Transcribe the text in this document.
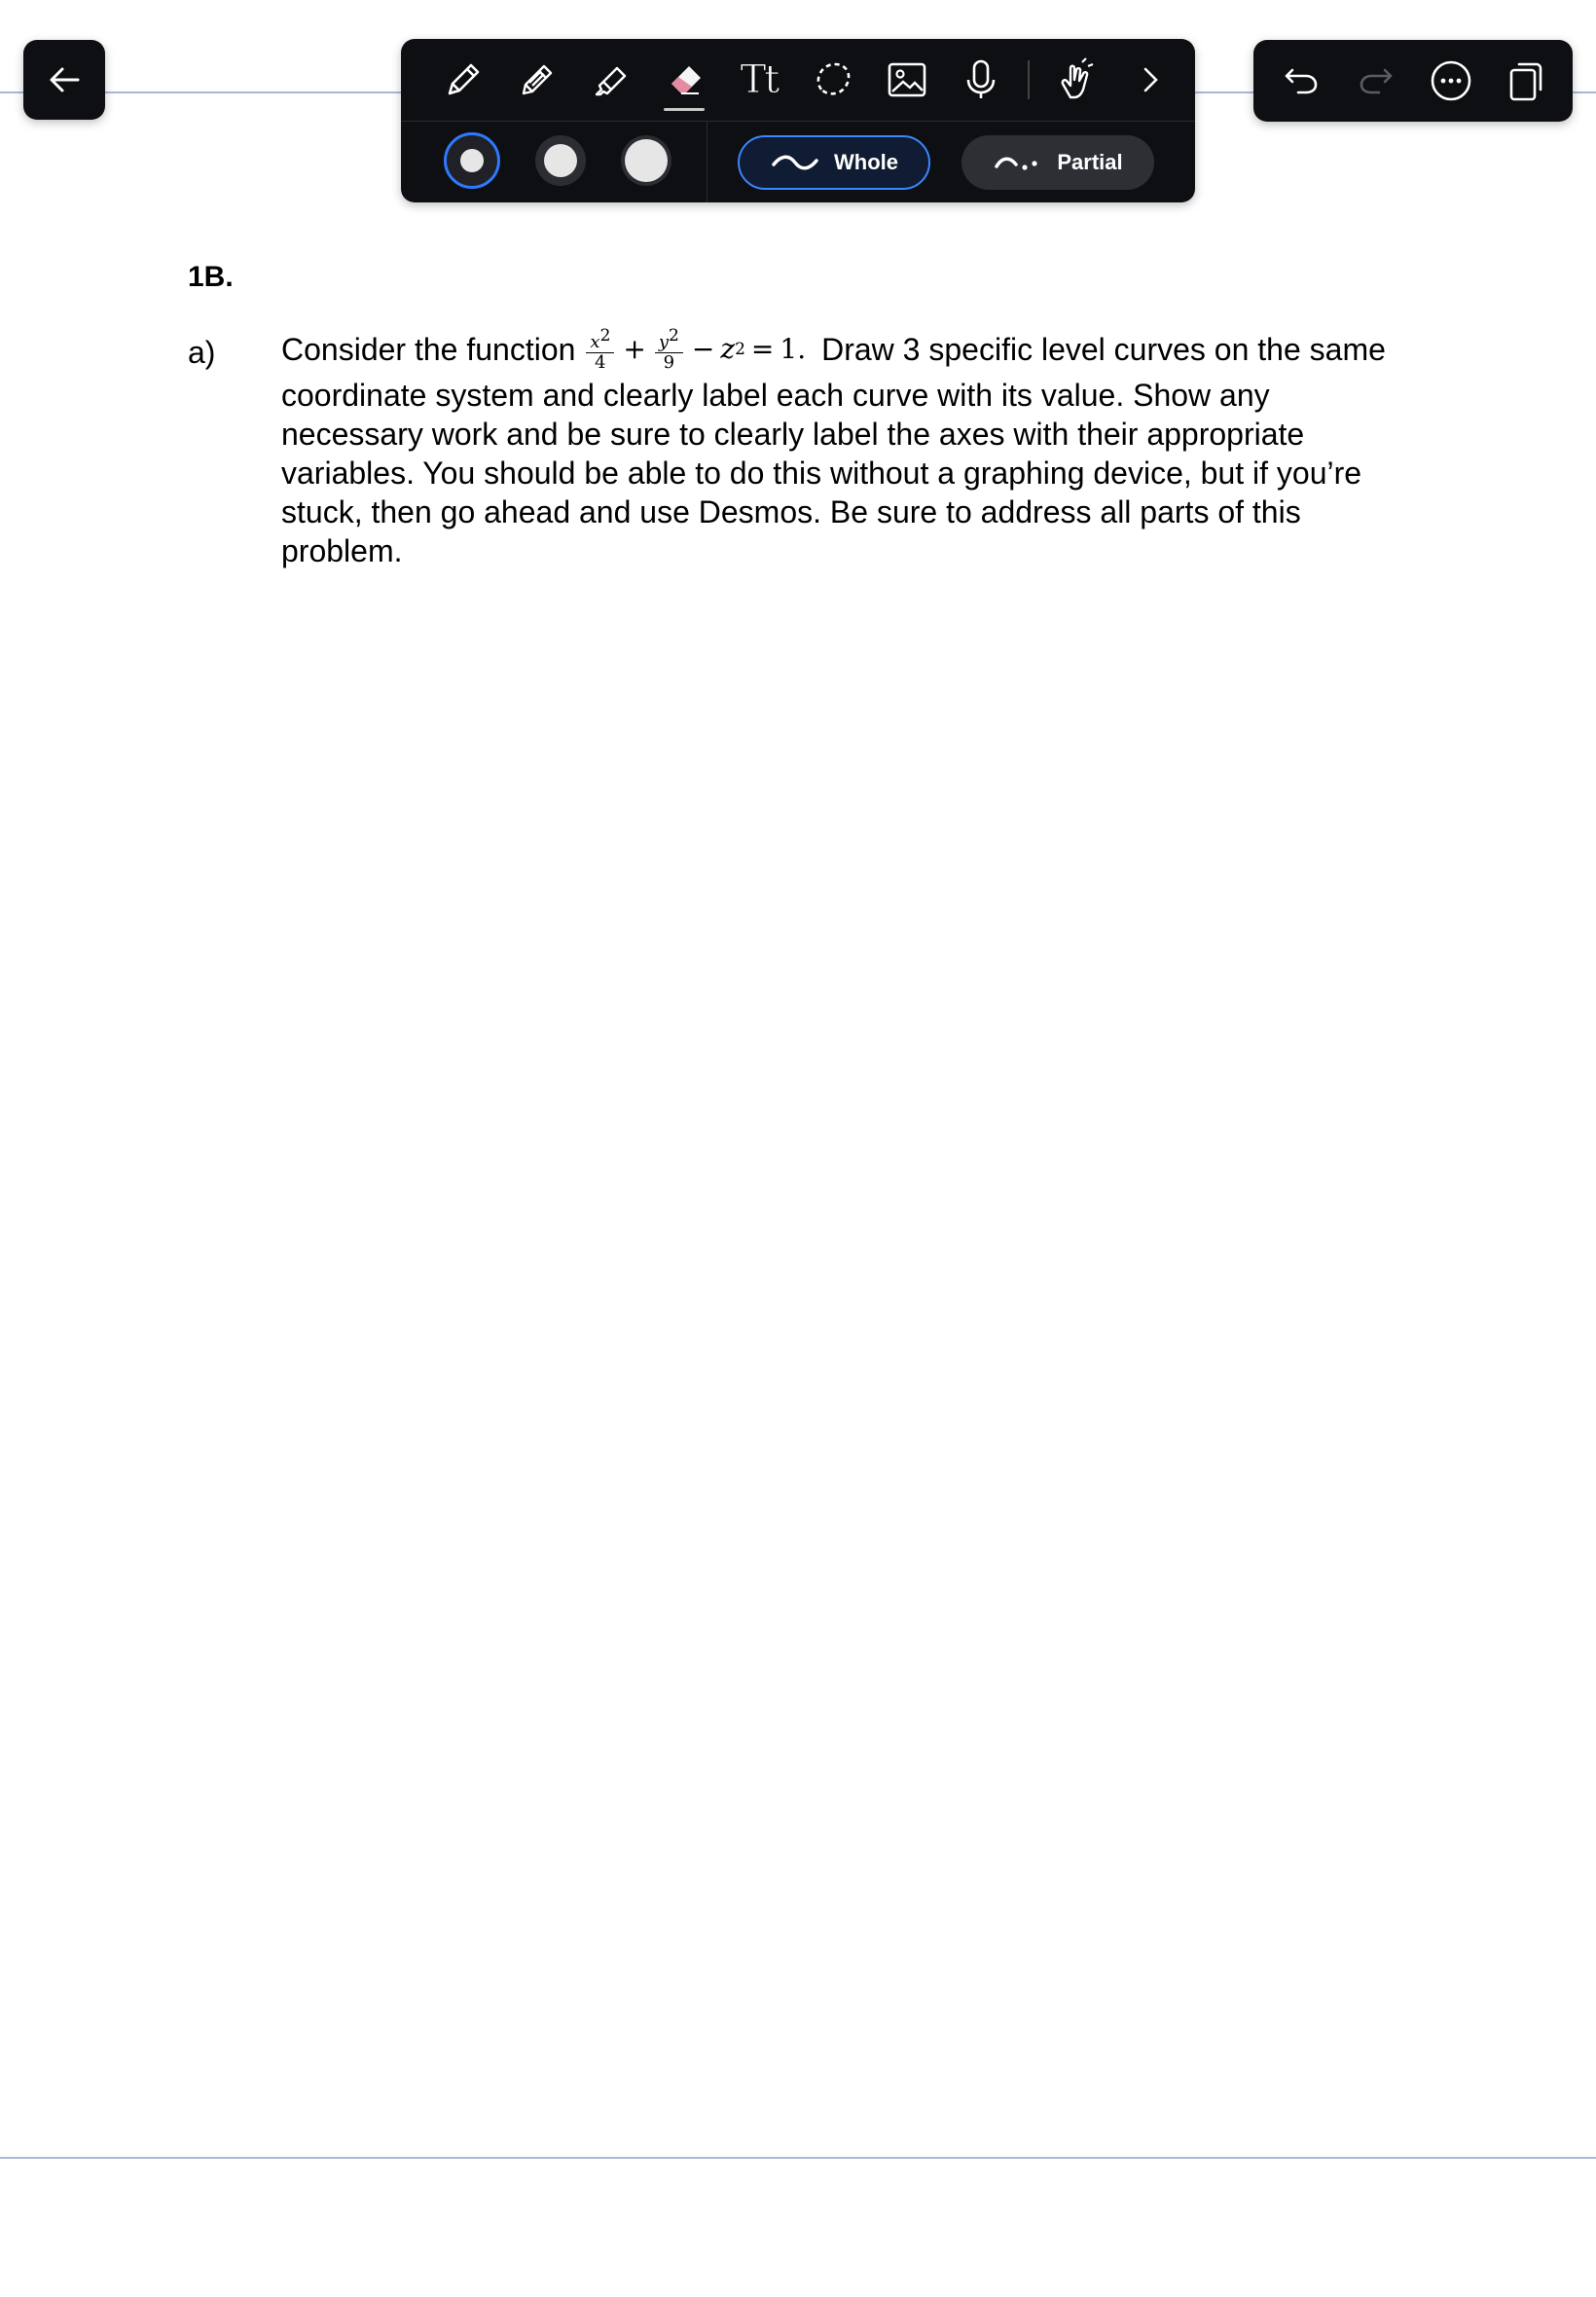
Tt
Whole	Partial
1B.
a) Consider the function $\frac{x^2}{4} + \frac{y^2}{9} - z$ 2 = 1. Draw 3 specific level curves on the same
coordinate system and clearly label each curve with its value. Show any necessary work and be sure to clearly label the axes with their appropriate variables. You should be able to do this without a graphing device, but if you’re stuck, then go ahead and use Desmos. Be sure to address all parts of this problem.
